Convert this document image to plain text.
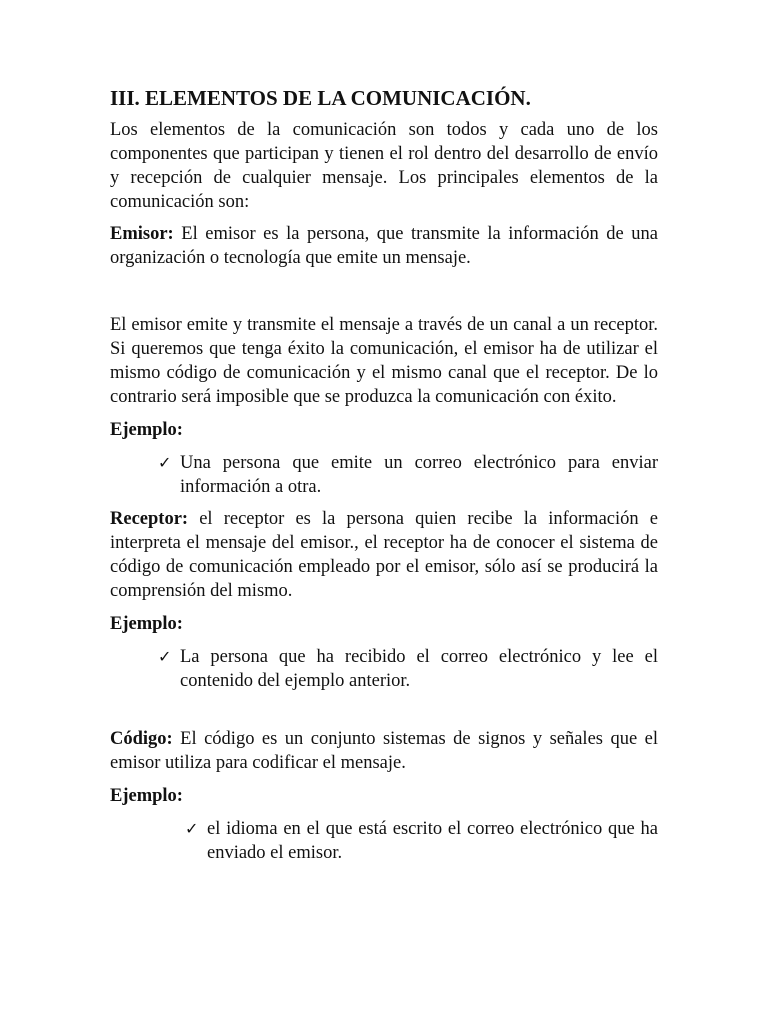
III. ELEMENTOS DE LA COMUNICACIÓN.

Los elementos de la comunicación son todos y cada uno de los componentes que participan y tienen el rol dentro del desarrollo de envío y recepción de cualquier mensaje. Los principales elementos de la comunicación son:

Emisor: El emisor es la persona, que transmite la información de una organización o tecnología que emite un mensaje.

El emisor emite y transmite el mensaje a través de un canal a un receptor. Si queremos que tenga éxito la comunicación, el emisor ha de utilizar el mismo código de comunicación y el mismo canal que el receptor. De lo contrario será imposible que se produzca la comunicación con éxito.

Ejemplo:

✓ Una persona que emite un correo electrónico para enviar información a otra.

Receptor: el receptor es la persona quien recibe la información e interpreta el mensaje del emisor., el receptor ha de conocer el sistema de código de comunicación empleado por el emisor, sólo así se producirá la comprensión del mismo.

Ejemplo:

✓ La persona que ha recibido el correo electrónico y lee el contenido del ejemplo anterior.

Código: El código es un conjunto sistemas de signos y señales que el emisor utiliza para codificar el mensaje.

Ejemplo:

✓ el idioma en el que está escrito el correo electrónico que ha enviado el emisor.
